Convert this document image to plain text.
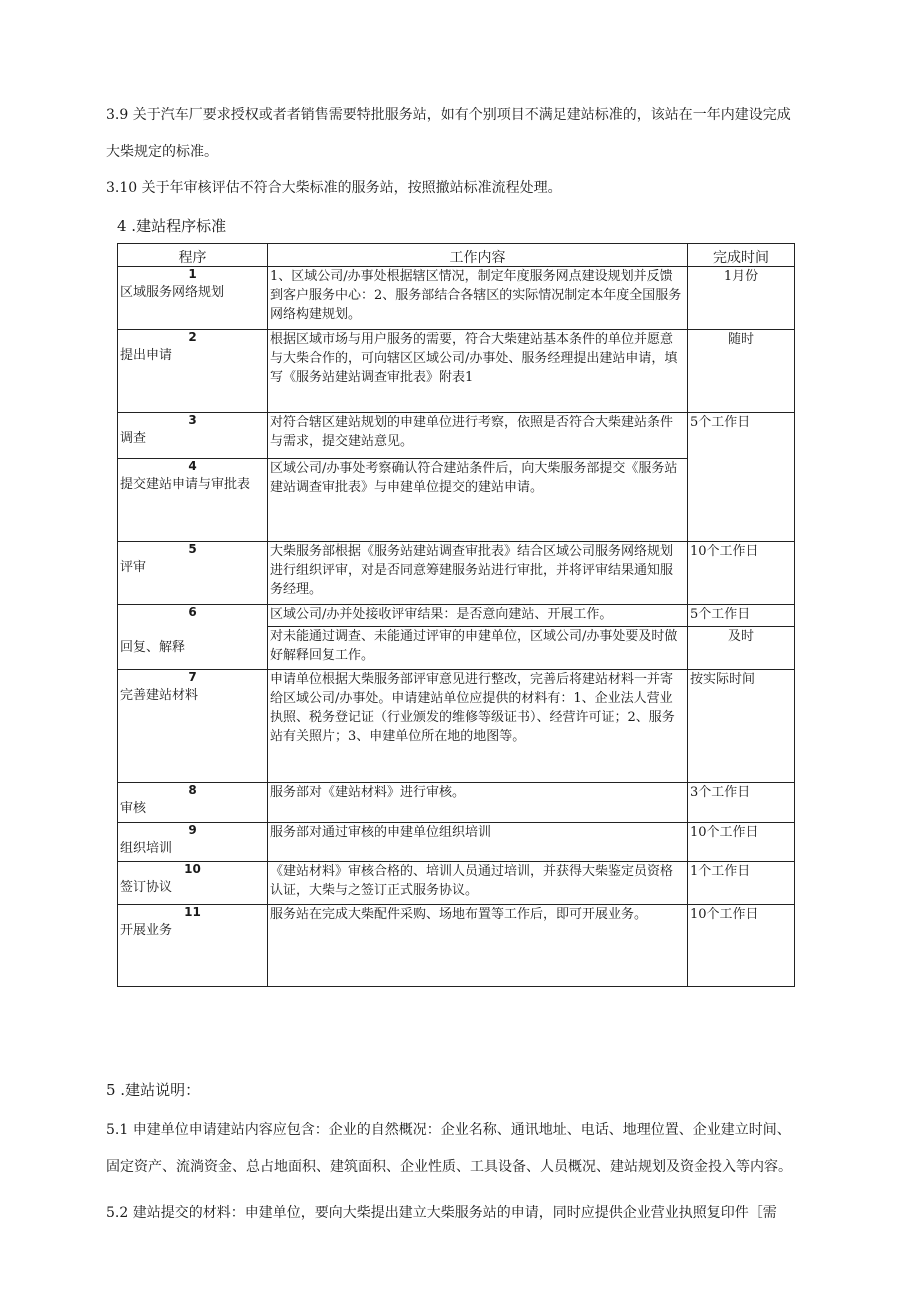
3.9 关于汽车厂要求授权或者者销售需要特批服务站，如有个别项目不满足建站标准的，该站在一年内建设完成
大柴规定的标准。
3.10 关于年审核评估不符合大柴标准的服务站，按照撤站标准流程处理。
4 .建站程序标准
程序	工作内容	完成时间

1
区域服务网络规划	1、区域公司/办事处根据辖区情况，制定年度服务网点建设规划并反馈到客户服务中心：2、服务部结合各辖区的实际情况制定本年度全国服务网络构建规划。	1月份

2
提出申请	根据区域市场与用户服务的需要，符合大柴建站基本条件的单位并愿意与大柴合作的，可向辖区区域公司/办事处、服务经理提出建站申请，填写《服务站建站调查审批表》附表1	随时

3
调查	对符合辖区建站规划的申建单位进行考察，依照是否符合大柴建站条件与需求，提交建站意见。	5个工作日

4
提交建站申请与审批表	区域公司/办事处考察确认符合建站条件后，向大柴服务部提交《服务站建站调查审批表》与申建单位提交的建站申请。	

5
评审	大柴服务部根据《服务站建站调查审批表》结合区域公司服务网络规划进行组织评审，对是否同意筹建服务站进行审批，并将评审结果通知服务经理。	10个工作日

6
回复、解释	区域公司/办并处接收评审结果：是否意向建站、开展工作。	5个工作日
	对未能通过调查、未能通过评审的申建单位，区域公司/办事处要及时做好解释回复工作。	及时

7
完善建站材料	申请单位根据大柴服务部评审意见进行整改，完善后将建站材料一并寄给区域公司/办事处。申请建站单位应提供的材料有：1、企业法人营业执照、税务登记证（行业颁发的维修等级证书）、经营许可证；2、服务站有关照片；3、申建单位所在地的地图等。	按实际时间

8
审核	服务部对《建站材料》进行审核。	3个工作日

9
组织培训	服务部对通过审核的申建单位组织培训	10个工作日

10
签订协议	《建站材料》审核合格的、培训人员通过培训，并获得大柴鉴定员资格认证，大柴与之签订正式服务协议。	1个工作日

11
开展业务	服务站在完成大柴配件采购、场地布置等工作后，即可开展业务。	10个工作日
5 .建站说明：
5.1 申建单位申请建站内容应包含：企业的自然概况：企业名称、通讯地址、电话、地理位置、企业建立时间、
固定资产、流淌资金、总占地面积、建筑面积、企业性质、工具设备、人员概况、建站规划及资金投入等内容。
5.2 建站提交的材料：申建单位，要向大柴提出建立大柴服务站的申请，同时应提供企业营业执照复印件［需
